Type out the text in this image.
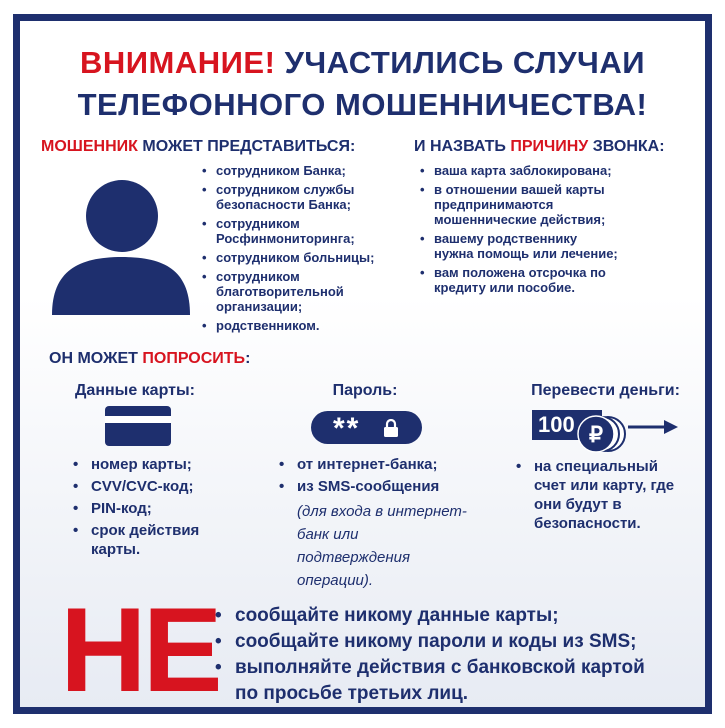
ВНИМАНИЕ! УЧАСТИЛИСЬ СЛУЧАИ
ТЕЛЕФОННОГО МОШЕННИЧЕСТВА!
МОШЕННИК МОЖЕТ ПРЕДСТАВИТЬСЯ:	И НАЗВАТЬ ПРИЧИНУ ЗВОНКА:
• сотрудником Банка;
• сотрудником службы безопасности Банка;
• сотрудником Росфинмониторинга;
• сотрудником больницы;
• сотрудником благотворительной организации;
• родственником.
• ваша карта заблокирована;
• в отношении вашей карты предпринимаются мошеннические действия;
• вашему родственнику нужна помощь или лечение;
• вам положена отсрочка по кредиту или пособие.
ОН МОЖЕТ ПОПРОСИТЬ:
Данные карты:
• номер карты;
• CVV/CVC-код;
• PIN-код;
• срок действия карты.
Пароль:
**
• от интернет-банка;
• из SMS-сообщения
(для входа в интернет-банк или подтверждения операции).
Перевести деньги:
100 ₽
• на специальный счет или карту, где они будут в безопасности.
НЕ
• сообщайте никому данные карты;
• сообщайте никому пароли и коды из SMS;
• выполняйте действия с банковской картой
по просьбе третьих лиц.
